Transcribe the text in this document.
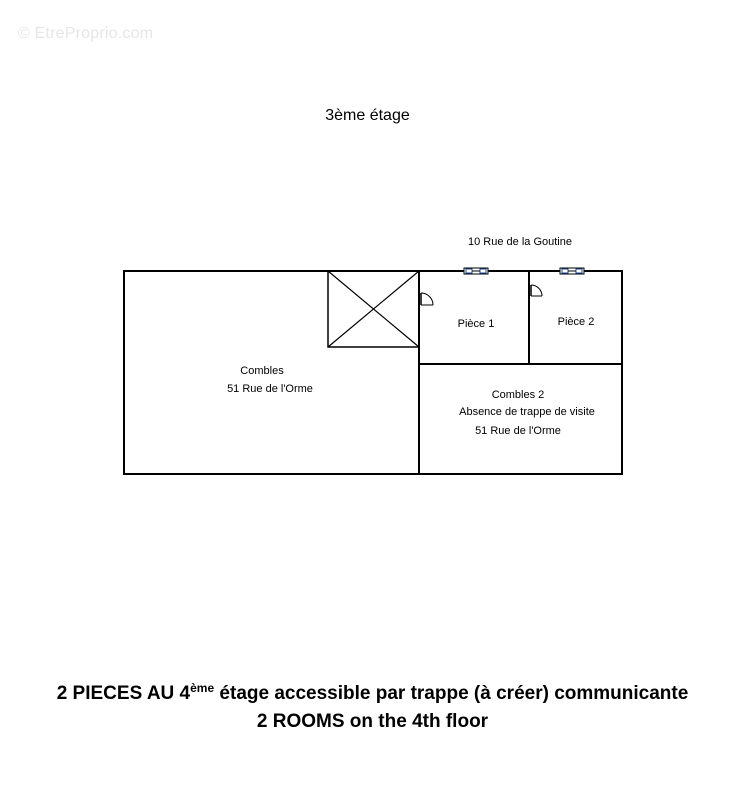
© EtreProprio.com
3ème étage
10 Rue de la Goutine
Combles
51 Rue de l'Orme
Pièce 1	Pièce 2
Combles 2
Absence de trappe de visite
51 Rue de l'Orme
2 PIECES AU 4ème étage accessible par trappe (à créer) communicante
2 ROOMS on the 4th floor
